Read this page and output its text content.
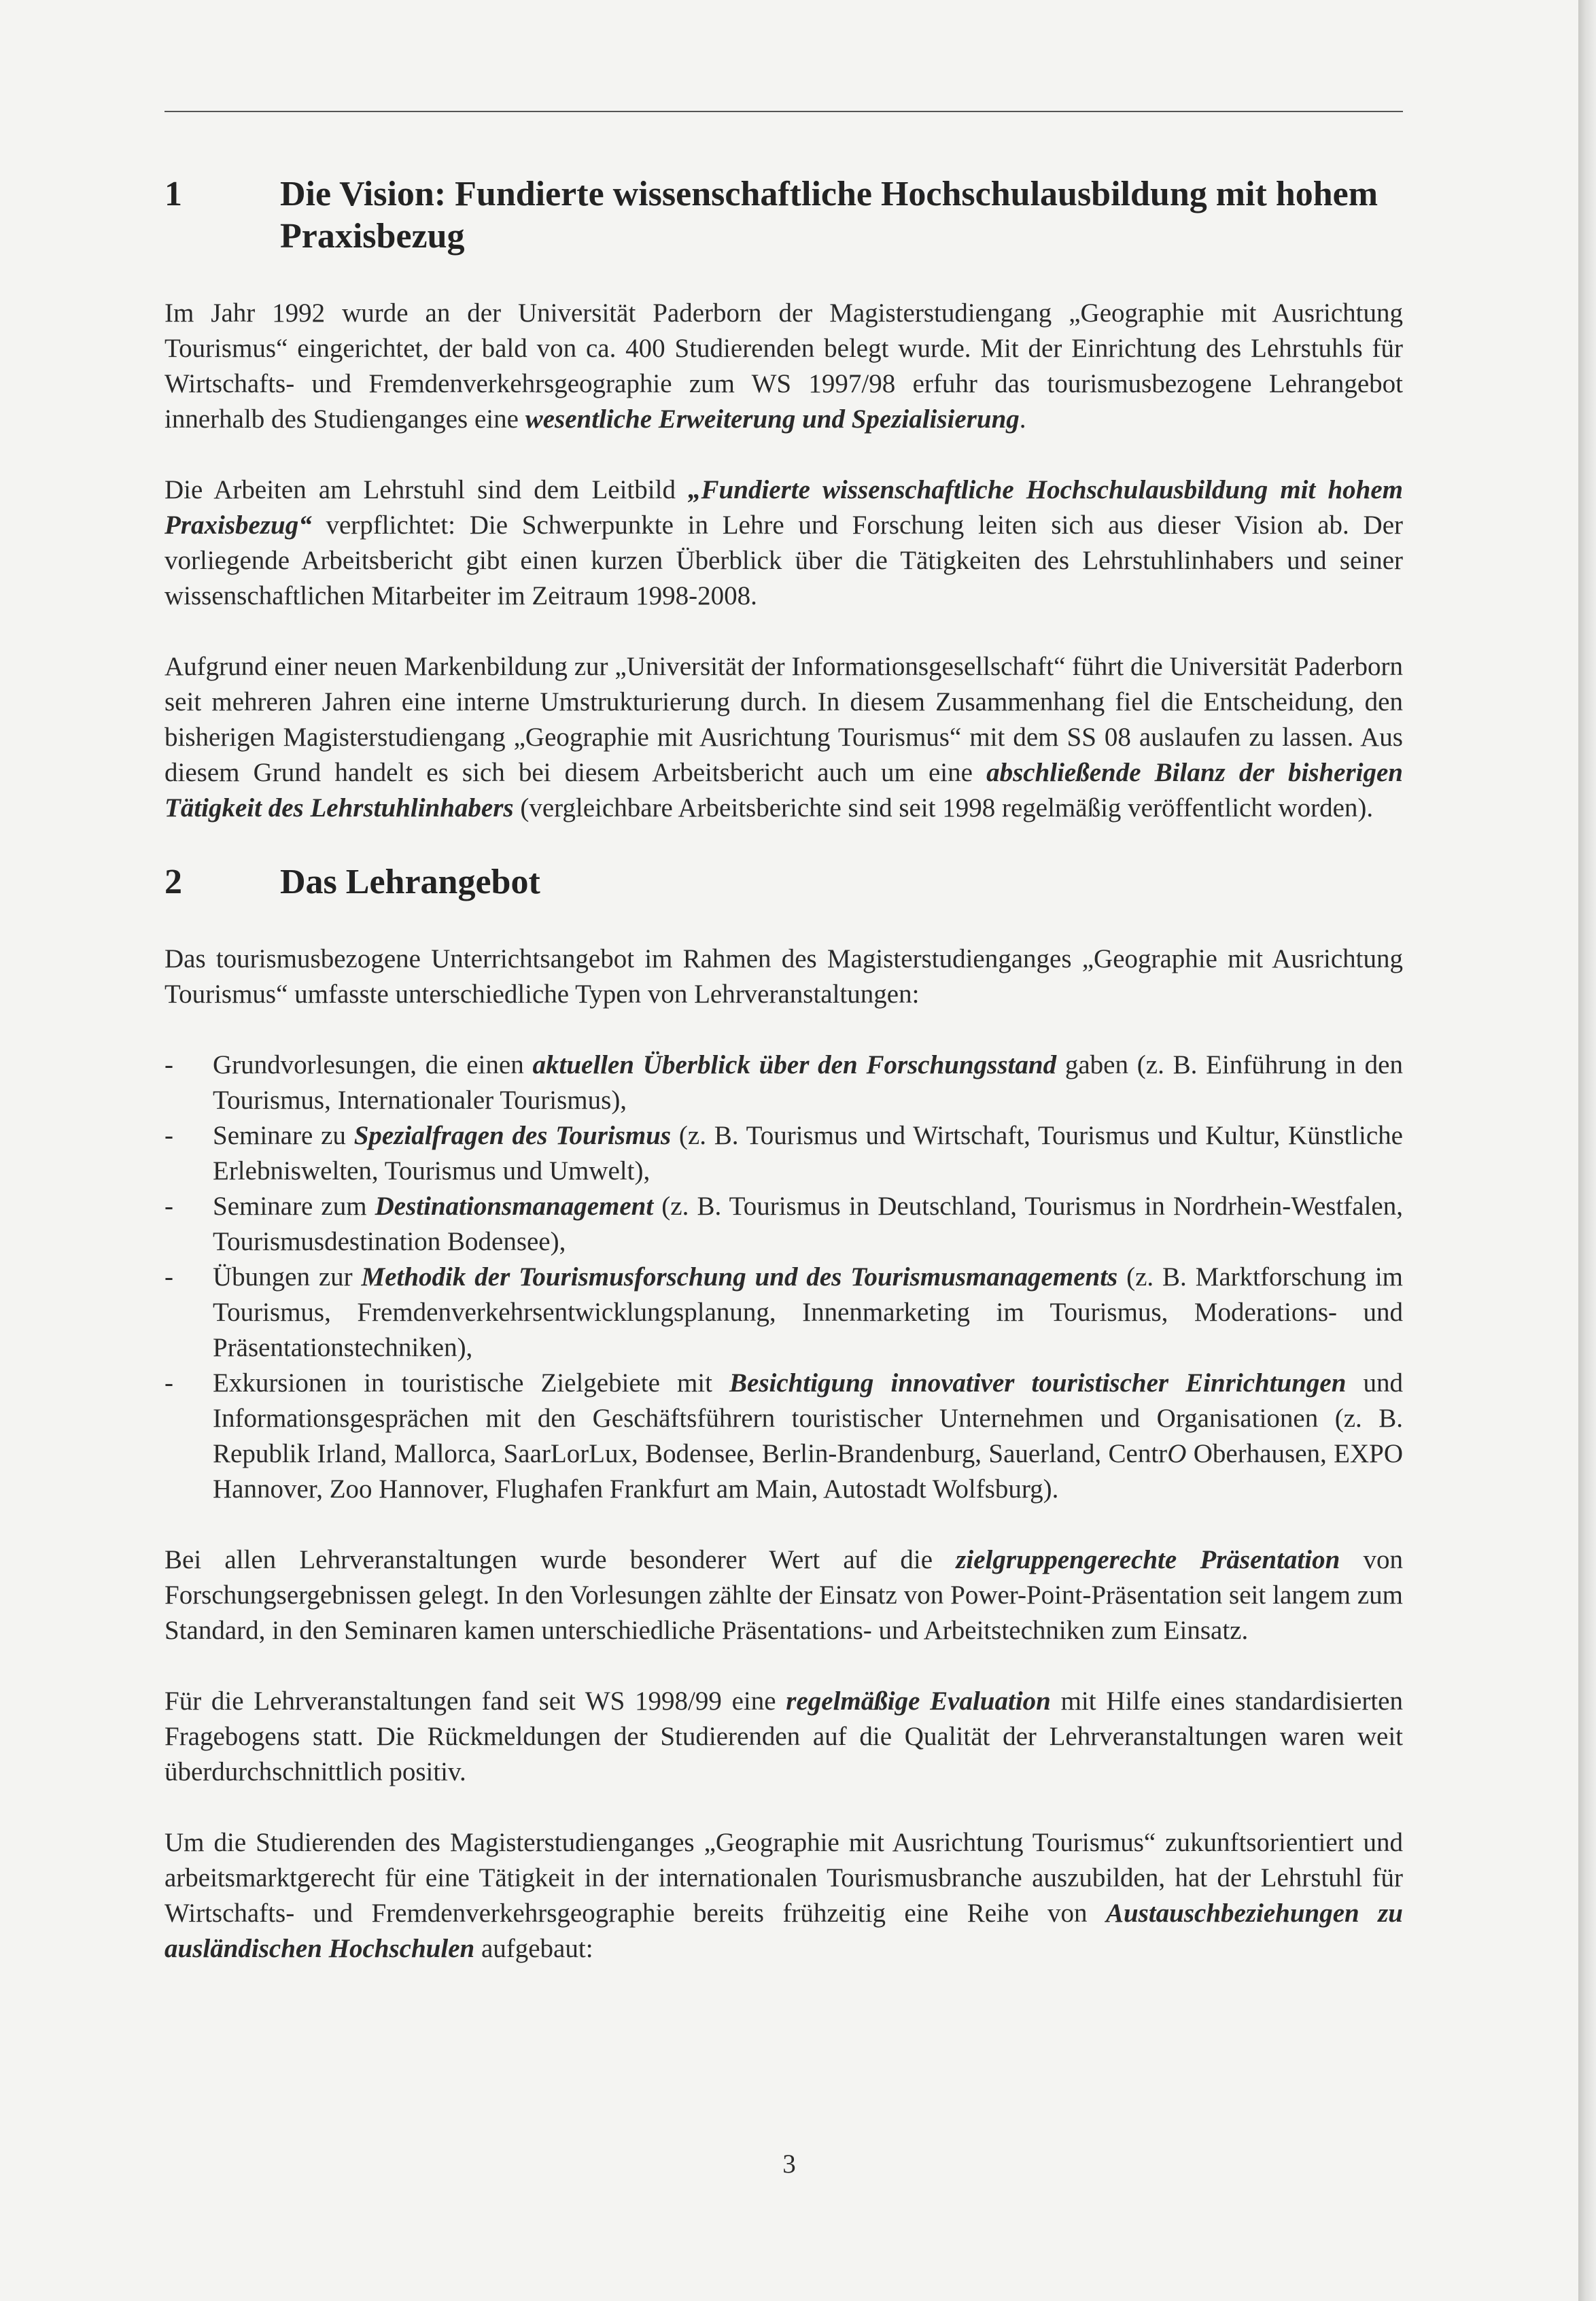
1	Die Vision: Fundierte wissenschaftliche Hochschulausbildung mit hohem Praxisbezug

Im Jahr 1992 wurde an der Universität Paderborn der Magisterstudiengang „Geographie mit Ausrichtung Tourismus“ eingerichtet, der bald von ca. 400 Studierenden belegt wurde. Mit der Einrichtung des Lehrstuhls für Wirtschafts- und Fremdenverkehrsgeographie zum WS 1997/98 erfuhr das tourismusbezogene Lehrangebot innerhalb des Studienganges eine wesentliche Erweiterung und Spezialisierung.

Die Arbeiten am Lehrstuhl sind dem Leitbild „Fundierte wissenschaftliche Hochschulausbildung mit hohem Praxisbezug“ verpflichtet: Die Schwerpunkte in Lehre und Forschung leiten sich aus dieser Vision ab. Der vorliegende Arbeitsbericht gibt einen kurzen Überblick über die Tätigkeiten des Lehrstuhlinhabers und seiner wissenschaftlichen Mitarbeiter im Zeitraum 1998-2008.

Aufgrund einer neuen Markenbildung zur „Universität der Informationsgesellschaft“ führt die Universität Paderborn seit mehreren Jahren eine interne Umstrukturierung durch. In diesem Zusammenhang fiel die Entscheidung, den bisherigen Magisterstudiengang „Geographie mit Ausrichtung Tourismus“ mit dem SS 08 auslaufen zu lassen. Aus diesem Grund handelt es sich bei diesem Arbeitsbericht auch um eine abschließende Bilanz der bisherigen Tätigkeit des Lehrstuhlinhabers (vergleichbare Arbeitsberichte sind seit 1998 regelmäßig veröffentlicht worden).

2	Das Lehrangebot

Das tourismusbezogene Unterrichtsangebot im Rahmen des Magisterstudienganges „Geographie mit Ausrichtung Tourismus“ umfasste unterschiedliche Typen von Lehrveranstaltungen:

-	Grundvorlesungen, die einen aktuellen Überblick über den Forschungsstand gaben (z. B. Einführung in den Tourismus, Internationaler Tourismus),
-	Seminare zu Spezialfragen des Tourismus (z. B. Tourismus und Wirtschaft, Tourismus und Kultur, Künstliche Erlebniswelten, Tourismus und Umwelt),
-	Seminare zum Destinationsmanagement (z. B. Tourismus in Deutschland, Tourismus in Nordrhein-Westfalen, Tourismusdestination Bodensee),
-	Übungen zur Methodik der Tourismusforschung und des Tourismusmanagements (z. B. Marktforschung im Tourismus, Fremdenverkehrsentwicklungsplanung, Innenmarketing im Tourismus, Moderations- und Präsentationstechniken),
-	Exkursionen in touristische Zielgebiete mit Besichtigung innovativer touristischer Einrichtungen und Informationsgesprächen mit den Geschäftsführern touristischer Unternehmen und Organisationen (z. B. Republik Irland, Mallorca, SaarLorLux, Bodensee, Berlin-Brandenburg, Sauerland, CentrO Oberhausen, EXPO Hannover, Zoo Hannover, Flughafen Frankfurt am Main, Autostadt Wolfsburg).

Bei allen Lehrveranstaltungen wurde besonderer Wert auf die zielgruppengerechte Präsentation von Forschungsergebnissen gelegt. In den Vorlesungen zählte der Einsatz von Power-Point-Präsentation seit langem zum Standard, in den Seminaren kamen unterschiedliche Präsentations- und Arbeitstechniken zum Einsatz.

Für die Lehrveranstaltungen fand seit WS 1998/99 eine regelmäßige Evaluation mit Hilfe eines standardisierten Fragebogens statt. Die Rückmeldungen der Studierenden auf die Qualität der Lehrveranstaltungen waren weit überdurchschnittlich positiv.

Um die Studierenden des Magisterstudienganges „Geographie mit Ausrichtung Tourismus“ zukunftsorientiert und arbeitsmarktgerecht für eine Tätigkeit in der internationalen Tourismusbranche auszubilden, hat der Lehrstuhl für Wirtschafts- und Fremdenverkehrsgeographie bereits frühzeitig eine Reihe von Austauschbeziehungen zu ausländischen Hochschulen aufgebaut:

3
